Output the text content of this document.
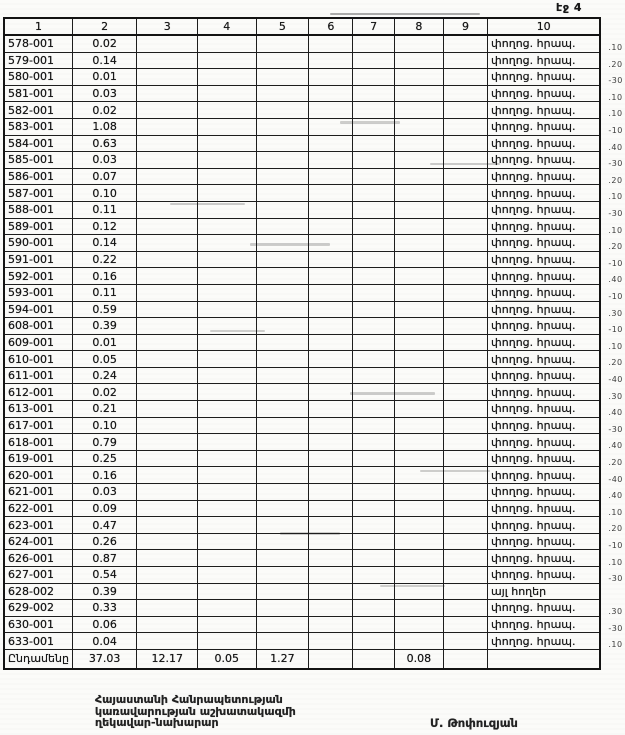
էջ 4
1	2	3	4	5	6	7	8	9	10	
578-001	0.02								փողոց. հրապ.	.10
579-001	0.14								փողոց. հրապ.	.20
580-001	0.01								փողոց. հրապ.	-30
581-001	0.03								փողոց. հրապ.	.10
582-001	0.02								փողոց. հրապ.	.10
583-001	1.08								փողոց. հրապ.	-10
584-001	0.63								փողոց. հրապ.	.40
585-001	0.03								փողոց. հրապ.	-30
586-001	0.07								փողոց. հրապ.	.20
587-001	0.10								փողոց. հրապ.	.10
588-001	0.11								փողոց. հրապ.	-30
589-001	0.12								փողոց. հրապ.	.10
590-001	0.14								փողոց. հրապ.	.20
591-001	0.22								փողոց. հրապ.	-10
592-001	0.16								փողոց. հրապ.	.40
593-001	0.11								փողոց. հրապ.	-10
594-001	0.59								փողոց. հրապ.	.30
608-001	0.39								փողոց. հրապ.	-10
609-001	0.01								փողոց. հրապ.	.10
610-001	0.05								փողոց. հրապ.	.20
611-001	0.24								փողոց. հրապ.	-40
612-001	0.02								փողոց. հրապ.	.30
613-001	0.21								փողոց. հրապ.	.40
617-001	0.10								փողոց. հրապ.	-30
618-001	0.79								փողոց. հրապ.	.40
619-001	0.25								փողոց. հրապ.	.20
620-001	0.16								փողոց. հրապ.	-40
621-001	0.03								փողոց. հրապ.	.40
622-001	0.09								փողոց. հրապ.	.10
623-001	0.47								փողոց. հրապ.	.20
624-001	0.26								փողոց. հրապ.	-10
626-001	0.87								փողոց. հրապ.	.10
627-001	0.54								փողոց. հրապ.	-30
628-002	0.39								այլ հողեր	
629-002	0.33								փողոց. հրապ.	.30
630-001	0.06								փողոց. հրապ.	-30
633-001	0.04								փողոց. հրապ.	.10
Ընդամենը	37.03	12.17	0.05	1.27			0.08			
Հայաստանի Հանրապետության
կառավարության աշխատակազմի
ղեկավար-նախարար	Մ. Թոփուզյան
